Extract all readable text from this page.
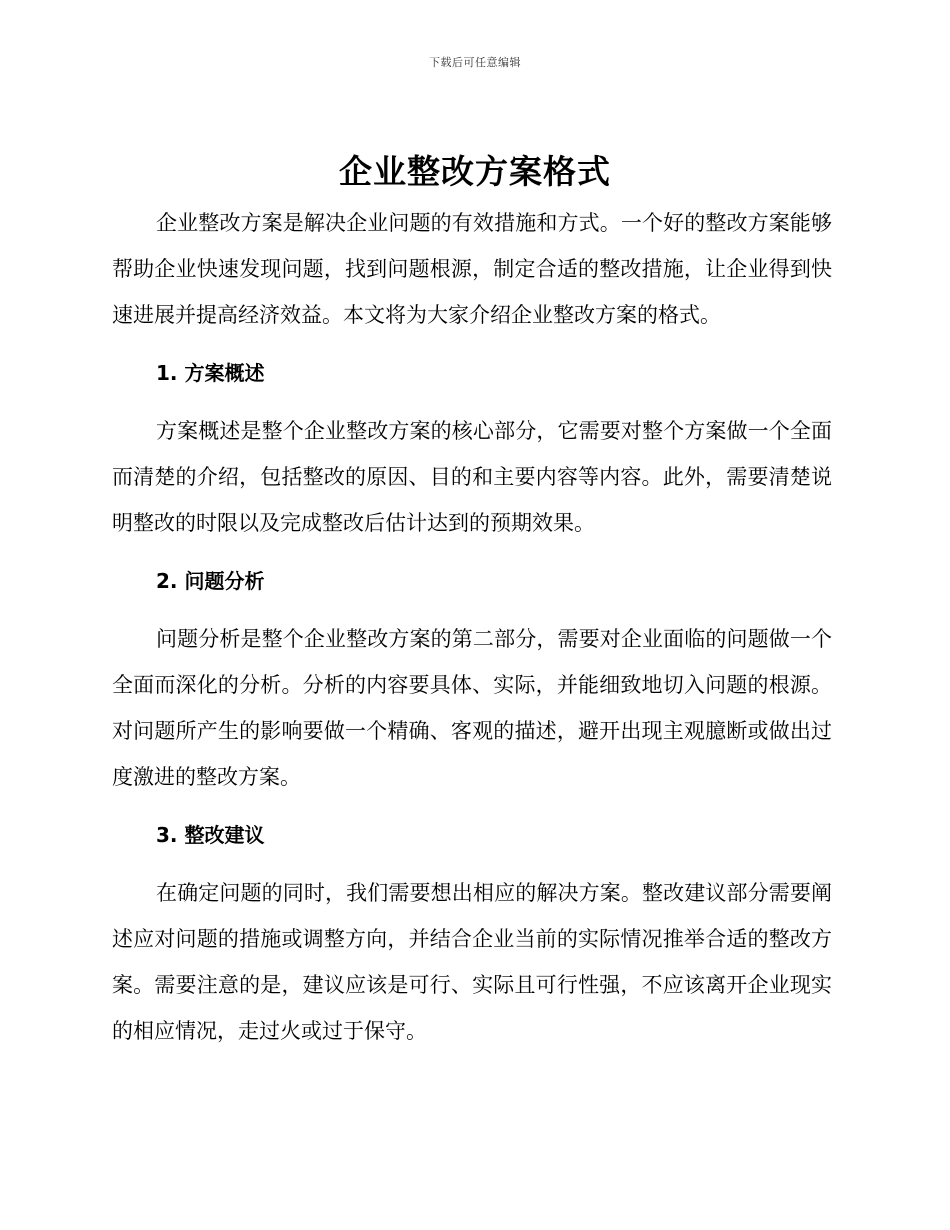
下载后可任意编辑
企业整改方案格式

企业整改方案是解决企业问题的有效措施和方式。一个好的整改方案能够帮助企业快速发现问题，找到问题根源，制定合适的整改措施，让企业得到快速进展并提高经济效益。本文将为大家介绍企业整改方案的格式。

1. 方案概述

方案概述是整个企业整改方案的核心部分，它需要对整个方案做一个全面而清楚的介绍，包括整改的原因、目的和主要内容等内容。此外，需要清楚说明整改的时限以及完成整改后估计达到的预期效果。

2. 问题分析

问题分析是整个企业整改方案的第二部分，需要对企业面临的问题做一个全面而深化的分析。分析的内容要具体、实际，并能细致地切入问题的根源。对问题所产生的影响要做一个精确、客观的描述，避开出现主观臆断或做出过度激进的整改方案。

3. 整改建议

在确定问题的同时，我们需要想出相应的解决方案。整改建议部分需要阐述应对问题的措施或调整方向，并结合企业当前的实际情况推举合适的整改方案。需要注意的是，建议应该是可行、实际且可行性强，不应该离开企业现实的相应情况，走过火或过于保守。
